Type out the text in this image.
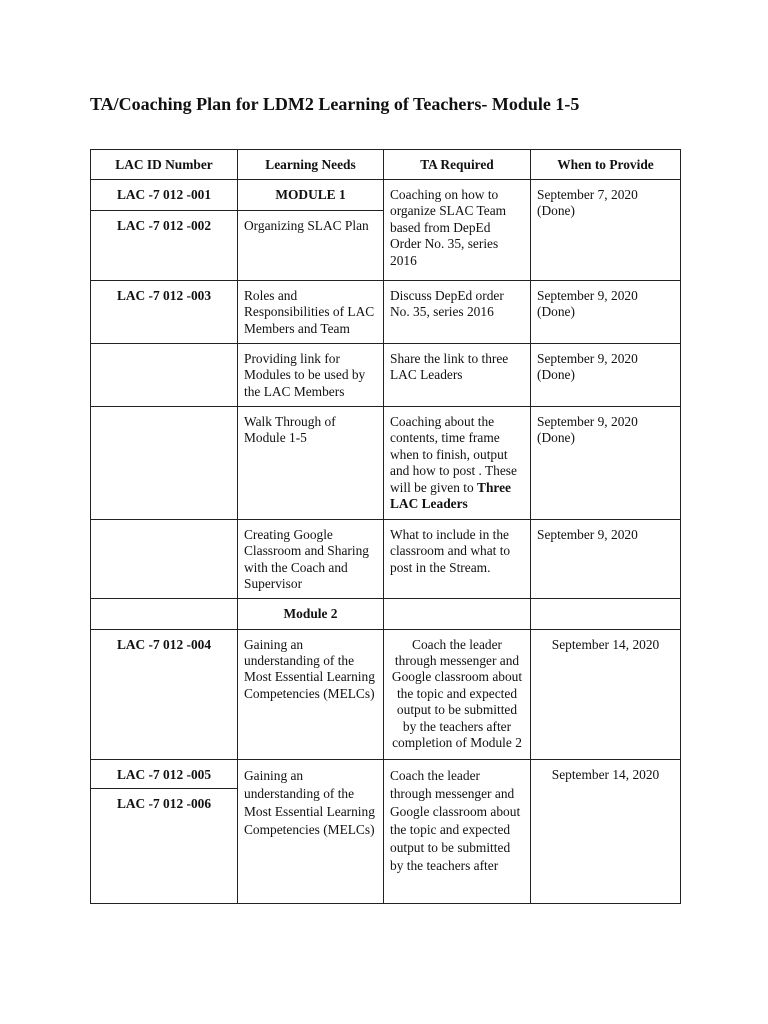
TA/Coaching Plan for LDM2 Learning of Teachers- Module 1-5
LAC ID Number	Learning Needs	TA Required	When to Provide
LAC -7 012 -001	MODULE 1	Coaching on how to organize SLAC Team based from DepEd Order No. 35, series 2016	September 7, 2020 (Done)
LAC -7 012 -002	Organizing SLAC Plan		
LAC -7 012 -003	Roles and Responsibilities of LAC Members and Team	Discuss DepEd order No. 35, series 2016	September 9, 2020 (Done)
	Providing link for Modules to be used by the LAC Members	Share the link to three LAC Leaders	September 9, 2020 (Done)
	Walk Through of Module 1-5	Coaching about the contents, time frame when to finish, output and how to post . These will be given to Three LAC Leaders	September 9, 2020 (Done)
	Creating Google Classroom and Sharing with the Coach and Supervisor	What to include in the classroom and what to post in the Stream.	September 9, 2020
	Module 2		
LAC -7 012 -004	Gaining an understanding of the Most Essential Learning Competencies (MELCs)	Coach the leader through messenger and Google classroom about the topic and expected output to be submitted by the teachers after completion of Module 2	September 14, 2020
LAC -7 012 -005	Gaining an understanding of the Most Essential Learning Competencies (MELCs)	Coach the leader through messenger and Google classroom about the topic and expected output to be submitted by the teachers after	September 14, 2020
LAC -7 012 -006			
